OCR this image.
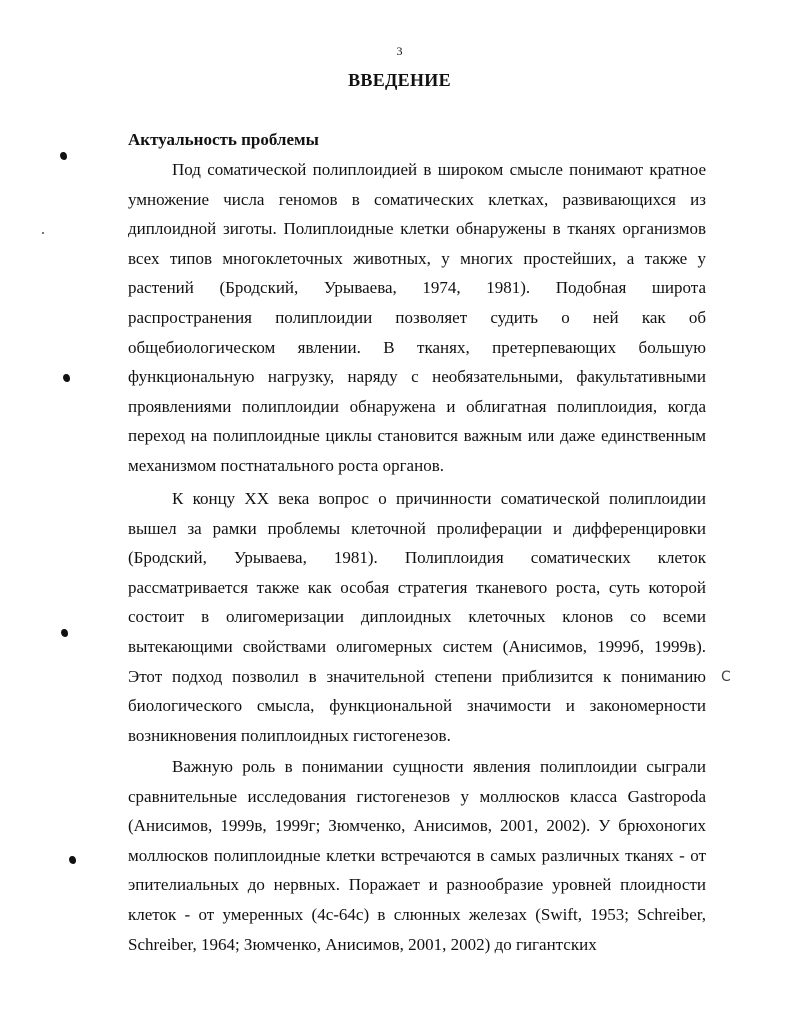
3
ВВЕДЕНИЕ
Актуальность проблемы

Под соматической полиплоидией в широком смысле понимают кратное умножение числа геномов в соматических клетках, развивающихся из диплоидной зиготы. Полиплоидные клетки обнаружены в тканях организмов всех типов многоклеточных животных, у многих простейших, а также у растений (Бродский, Урываева, 1974, 1981). Подобная широта распространения полиплоидии позволяет судить о ней как об общебиологическом явлении. В тканях, претерпевающих большую функциональную нагрузку, наряду с необязательными, факультативными проявлениями полиплоидии обнаружена и облигатная полиплоидия, когда переход на полиплоидные циклы становится важным или даже единственным механизмом постнатального роста органов.

К концу XX века вопрос о причинности соматической полиплоидии вышел за рамки проблемы клеточной пролиферации и дифференцировки (Бродский, Урываева, 1981). Полиплоидия соматических клеток рассматривается также как особая стратегия тканевого роста, суть которой состоит в олигомеризации диплоидных клеточных клонов со всеми вытекающими свойствами олигомерных систем (Анисимов, 1999б, 1999в). Этот подход позволил в значительной степени приблизится к пониманию биологического смысла, функциональной значимости и закономерности возникновения полиплоидных гистогенезов.

Важную роль в понимании сущности явления полиплоидии сыграли сравнительные исследования гистогенезов у моллюсков класса Gastropoda (Анисимов, 1999в, 1999г; Зюмченко, Анисимов, 2001, 2002). У брюхоногих моллюсков полиплоидные клетки встречаются в самых различных тканях - от эпителиальных до нервных. Поражает и разнообразие уровней плоидности клеток - от умеренных (4c-64c) в слюнных железах (Swift, 1953; Schreiber, Schreiber, 1964; Зюмченко, Анисимов, 2001, 2002) до гигантских

C
